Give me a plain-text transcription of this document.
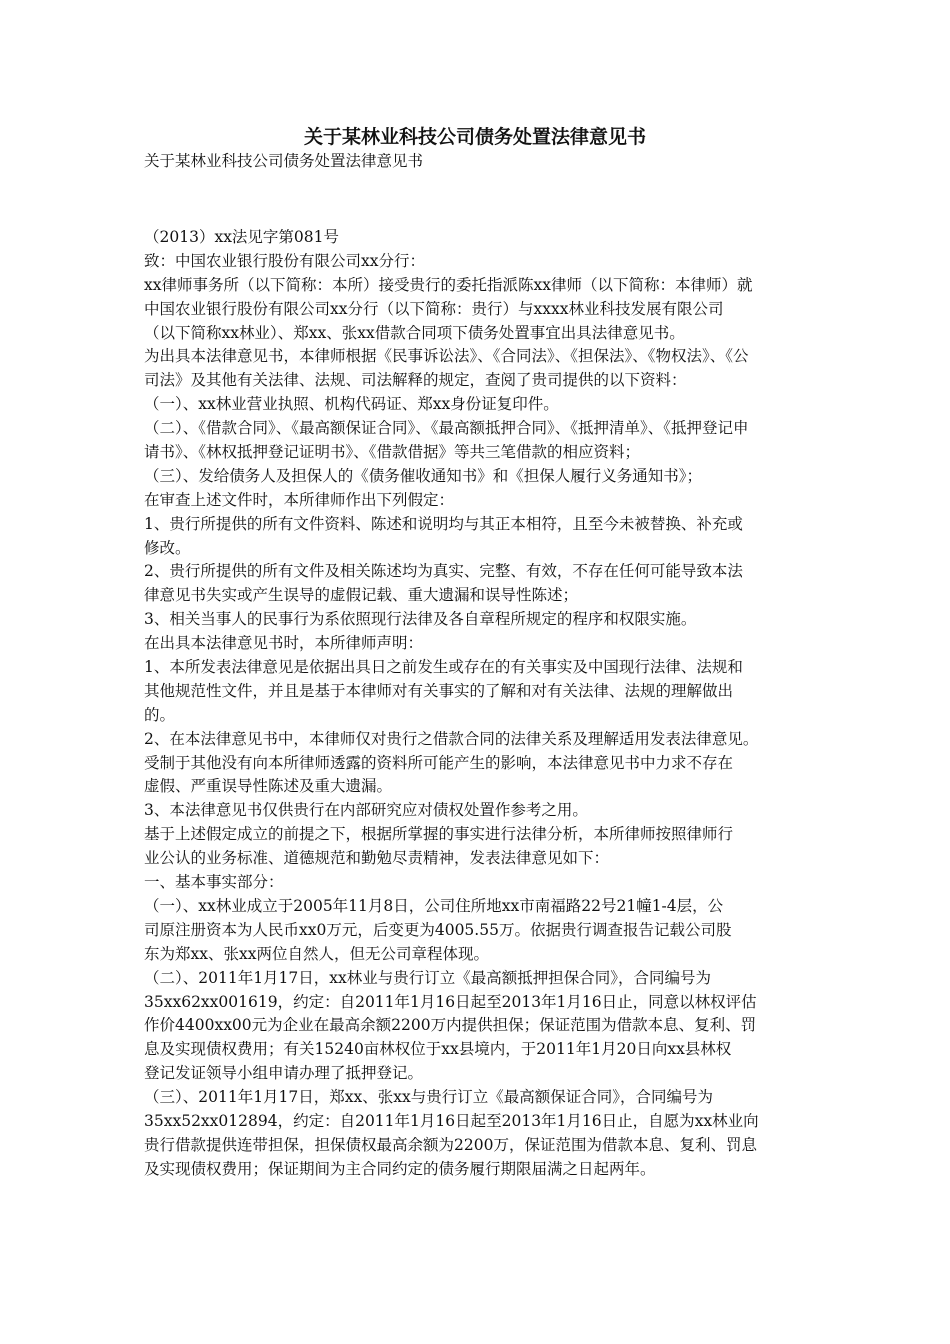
关于某林业科技公司债务处置法律意见书

关于某林业科技公司债务处置法律意见书

（2013）xx法见字第081号

致：中国农业银行股份有限公司xx分行：

xx律师事务所（以下简称：本所）接受贵行的委托指派陈xx律师（以下简称：本律师）就

中国农业银行股份有限公司xx分行（以下简称：贵行）与xxxx林业科技发展有限公司

（以下简称xx林业）、郑xx、张xx借款合同项下债务处置事宜出具法律意见书。

为出具本法律意见书，本律师根据《民事诉讼法》、《合同法》、《担保法》、《物权法》、《公

司法》及其他有关法律、法规、司法解释的规定，查阅了贵司提供的以下资料：

（一）、xx林业营业执照、机构代码证、郑xx身份证复印件。

（二）、《借款合同》、《最高额保证合同》、《最高额抵押合同》、《抵押清单》、《抵押登记申

请书》、《林权抵押登记证明书》、《借款借据》等共三笔借款的相应资料；

（三）、发给债务人及担保人的《债务催收通知书》和《担保人履行义务通知书》；

在审查上述文件时，本所律师作出下列假定：

1、贵行所提供的所有文件资料、陈述和说明均与其正本相符，且至今未被替换、补充或

修改。

2、贵行所提供的所有文件及相关陈述均为真实、完整、有效，不存在任何可能导致本法

律意见书失实或产生误导的虚假记载、重大遗漏和误导性陈述；

3、相关当事人的民事行为系依照现行法律及各自章程所规定的程序和权限实施。

在出具本法律意见书时，本所律师声明：

1、本所发表法律意见是依据出具日之前发生或存在的有关事实及中国现行法律、法规和

其他规范性文件，并且是基于本律师对有关事实的了解和对有关法律、法规的理解做出

的。

2、在本法律意见书中，本律师仅对贵行之借款合同的法律关系及理解适用发表法律意见。

受制于其他没有向本所律师透露的资料所可能产生的影响，本法律意见书中力求不存在

虚假、严重误导性陈述及重大遗漏。

3、本法律意见书仅供贵行在内部研究应对债权处置作参考之用。

基于上述假定成立的前提之下，根据所掌握的事实进行法律分析，本所律师按照律师行

业公认的业务标准、道德规范和勤勉尽责精神，发表法律意见如下：

一、基本事实部分：

（一）、xx林业成立于2005年11月8日，公司住所地xx市南福路22号21幢1-4层，公

司原注册资本为人民币xx0万元，后变更为4005.55万。依据贵行调查报告记载公司股

东为郑xx、张xx两位自然人，但无公司章程体现。

（二）、2011年1月17日，xx林业与贵行订立《最高额抵押担保合同》，合同编号为

35xx62xx001619，约定：自2011年1月16日起至2013年1月16日止，同意以林权评估

作价4400xx00元为企业在最高余额2200万内提供担保；保证范围为借款本息、复利、罚

息及实现债权费用；有关15240亩林权位于xx县境内，于2011年1月20日向xx县林权

登记发证领导小组申请办理了抵押登记。

（三）、2011年1月17日，郑xx、张xx与贵行订立《最高额保证合同》，合同编号为

35xx52xx012894，约定：自2011年1月16日起至2013年1月16日止，自愿为xx林业向

贵行借款提供连带担保，担保债权最高余额为2200万，保证范围为借款本息、复利、罚息

及实现债权费用；保证期间为主合同约定的债务履行期限届满之日起两年。
